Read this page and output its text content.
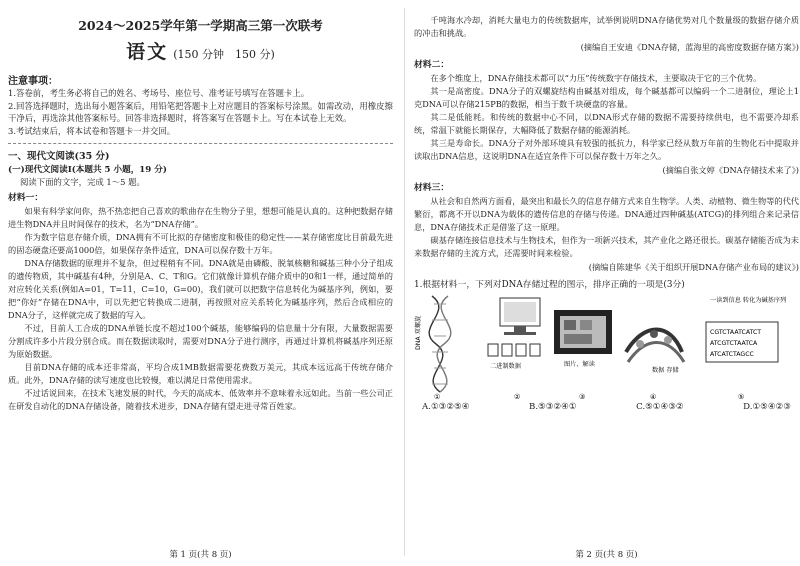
2024～2025学年第一学期高三第一次联考
语文 (150 分钟　150 分)
注意事项：

1.答卷前，考生务必将自己的姓名、考场号、座位号、准考证号填写在答题卡上。

2.回答选择题时，选出每小题答案后，用铅笔把答题卡上对应题目的答案标号涂黑。如需改动，用橡皮擦干净后，再选涂其他答案标号。回答非选择题时，将答案写在答题卡上。写在本试卷上无效。

3.考试结束后，将本试卷和答题卡一并交回。

一、现代文阅读(35 分)
(一)现代文阅读Ⅰ(本题共 5 小题，19 分)
阅读下面的文字，完成 1～5 题。
材料一：

如果有科学家问你，热不热恋把自己喜欢的歌曲存在生物分子里，想想可能是认真的。这种把数据存储进生物DNA并且时间保存的技术，名为“DNA存储”。

作为数字信息存储介质，DNA拥有不可比拟的存储密度和极佳的稳定性——某存储密度比目前最先进的固态硬盘还要高1000倍，如果保存条件适宜，DNA可以保存数十万年。

DNA存储数据的原理并不复杂，但过程稍有不同。DNA就是由磷酸、脱氧核糖和碱基三种小分子组成的遗传物质，其中碱基有4种，分别是A、C、T和G。它们就像计算机存储介质中的0和1一样，通过简单的对应转化关系(例如A=01，T=11，C=10，G=00)，我们就可以把数字信息转化为碱基序列，例如，要把“你好”存储在DNA中，可以先把它转换成二进制，再按照对应关系转化为碱基序列，然后合成相应的DNA分子，这样就完成了数据的写入。

不过，目前人工合成的DNA单链长度不超过100个碱基，能够编码的信息量十分有限，大量数据需要分割成许多小片段分别合成。而在数据读取时，需要对DNA分子进行测序，再通过计算机将碱基序列还原为原始数据。

目前DNA存储的成本还非常高，平均合成1MB数据需要花费数万美元，其成本远远高于传统存储介质。此外，DNA存储的读写速度也比较慢，难以满足日常使用需求。

不过话说回来，在技术飞速发展的时代，今天的高成本、低效率并不意味着永远如此。当前一些公司正在研发自动化的DNA存储设备，随着技术进步，DNA存储有望走进寻常百姓家。

第 1 页(共 8 页)

千吨海水冷却，消耗大量电力的传统数据库，试举例说明DNA存储优势对几个数量级的数据存储介质的冲击和挑战。

(摘编自王安迪《DNA存储，蓝海里的高密度数据存储方案》)
材料二：

在多个维度上，DNA存储技术都可以“力压”传统数字存储技术，主要取决于它的三个优势。

其一是高密度。DNA分子的双螺旋结构由碱基对组成，每个碱基都可以编码一个二进制位，理论上1克DNA可以存储215PB的数据，相当于数千块硬盘的容量。

其二是低能耗。和传统的数据中心不同，以DNA形式存储的数据不需要持续供电，也不需要冷却系统，常温下就能长期保存，大幅降低了数据存储的能源消耗。

其三是寿命长。DNA分子对外部环境具有较强的抵抗力，科学家已经从数万年前的生物化石中提取并读取出DNA信息，这说明DNA在适宜条件下可以保存数十万年之久。

(摘编自张文婷《DNA存储技术来了》)
材料三：

从社会和自然两方面看，最突出和最长久的信息存储方式来自生物学。人类、动植物、微生物等的代代繁衍，都离不开以DNA为载体的遗传信息的存储与传递。DNA通过四种碱基(ATCG)的排列组合来记录信息，DNA存储技术正是借鉴了这一原理。

碳基存储连接信息技术与生物技术，但作为一项新兴技术，其产业化之路还很长。碳基存储能否成为未来数据存储的主流方式，还需要时间来检验。

(摘编自陈建华《关于组织开展DNA存储产业布局的建议》)
1.根据材料一，下列对DNA存储过程的图示，排序正确的一项是(3分)
DNA 双螺旋
①
二进制数据
②
图片、解读
③
数据 存储
④
一读到信息 转化为碱基序列
CGTCTAATCATCT
ATCGTCTAATCA
ATCATCTAGCC
⑤
A.①③②⑤④	B.⑤③②④①	C.⑤①④③②	D.①⑤④②③
第 2 页(共 8 页)
